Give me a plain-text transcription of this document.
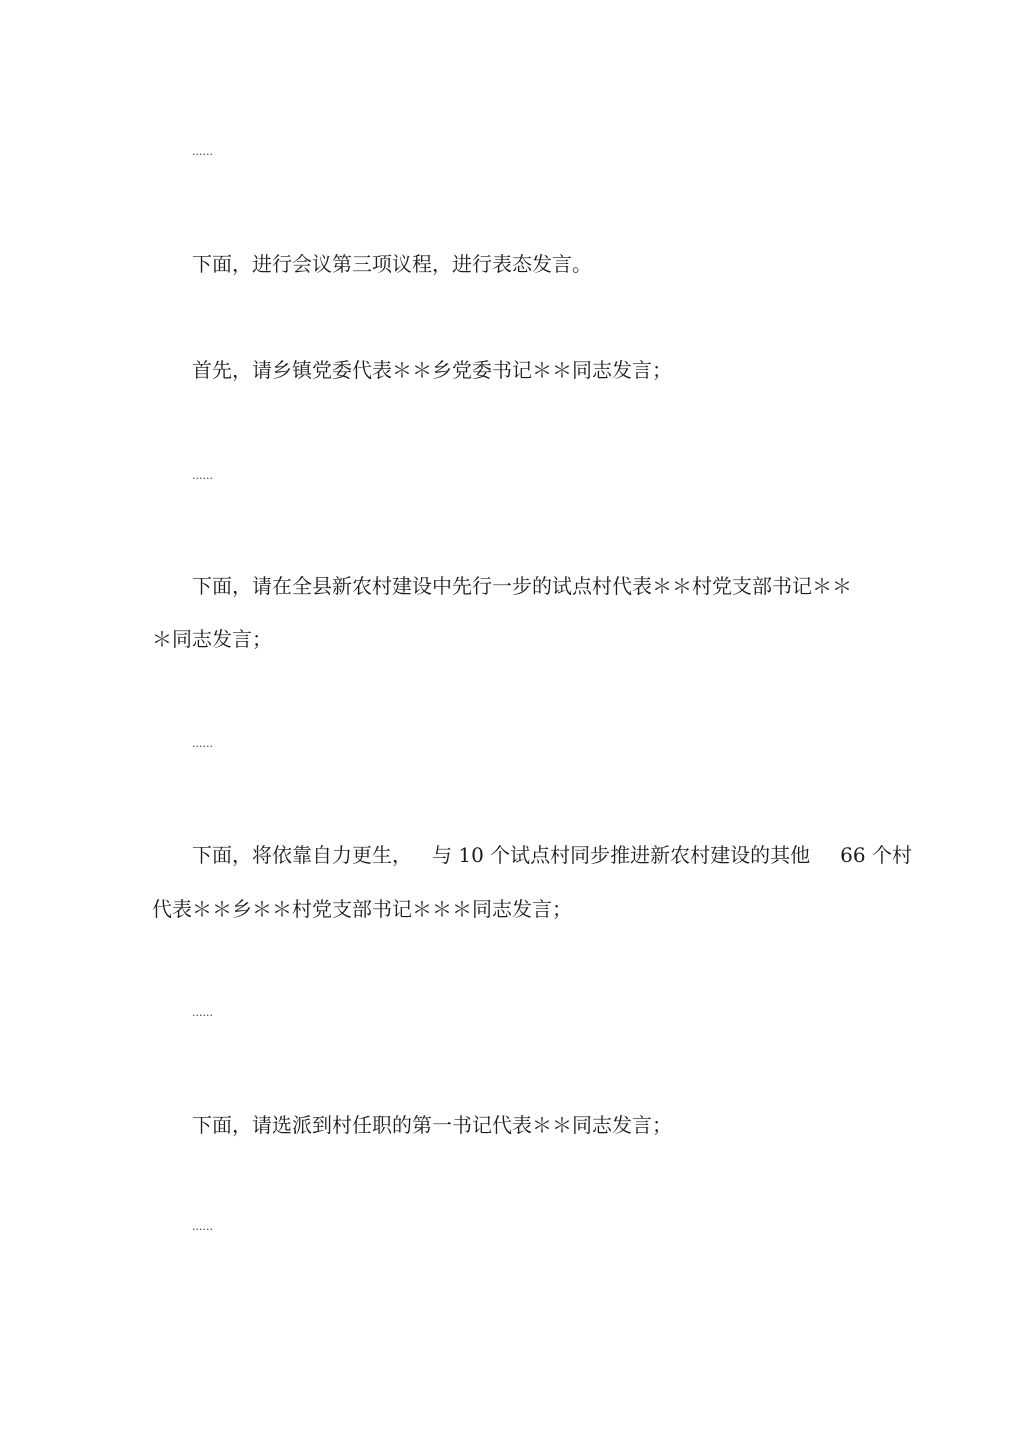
......
下面，进行会议第三项议程，进行表态发言。
首先，请乡镇党委代表＊＊乡党委书记＊＊同志发言；
......
下面，请在全县新农村建设中先行一步的试点村代表＊＊村党支部书记＊＊
＊同志发言；
......
下面，将依靠自力更生， 与 10 个试点村同步推进新农村建设的其他 66 个村
代表＊＊乡＊＊村党支部书记＊＊＊同志发言；
......
下面，请选派到村任职的第一书记代表＊＊同志发言；
......
